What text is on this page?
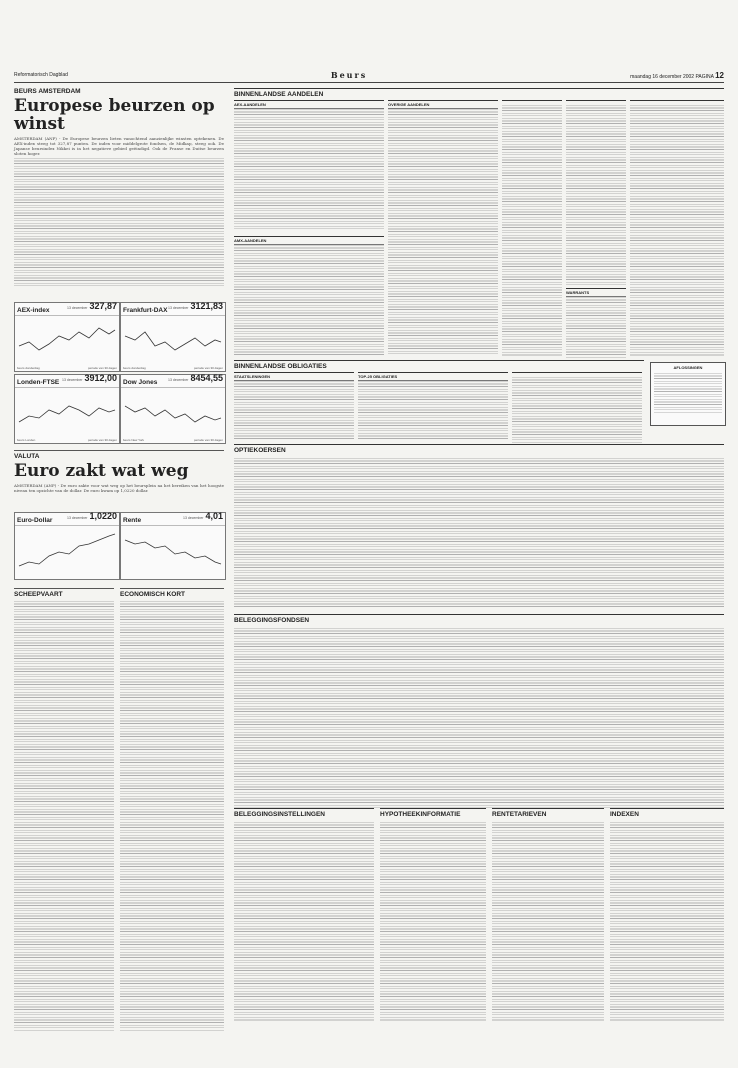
Reformatorisch Dagblad	Beurs	maandag 16 december 2002 PAGINA 12
BEURS AMSTERDAM
Europese beurzen op winst
AMSTERDAM (ANP) - De Europese beurzen lieten vanochtend aanzienlijke winsten optekenen. De AEX-index steeg tot 327,87 punten. De index voor middelgrote fondsen, de Midkap, steeg ook. De Japanse beursindex Nikkei is in het negatieve gebied geëindigd. Ook de Franse en Duitse beurzen sloten hoger.
AEX-index	13 december 327,87
beurs donderdag	periode van 30 dagen
Frankfurt-DAX 13 december 3121,83
beurs donderdag	periode van 30 dagen
Londen-FTSE 13 december 3912,00
beurs Londen	periode van 30 dagen
Dow Jones	13 december 8454,55
beurs New York	periode van 30 dagen
VALUTA
Euro zakt wat weg
AMSTERDAM (ANP) - De euro zakte voor wat weg op het beursplein na het bereiken van het hoogste niveau ten opzichte van de dollar. De euro kwam op 1,0220 dollar.
Euro-Dollar	13 december 1,0220 Rente	13 december 4,01
SCHEEPVAART	ECONOMISCH KORT
BINNENLANDSE AANDELEN
AEX-AANDELEN
AMX-AANDELEN
OVERIGE AANDELEN
WARRANTS
BINNENLANDSE OBLIGATIES
STAATSLENINGEN	TOP-25 OBLIGATIES
AFLOSSINGEN
OPTIEKOERSEN
BELEGGINGSFONDSEN
BELEGGINGSINSTELLINGEN	HYPOTHEEKINFORMATIE	RENTETARIEVEN	INDEXEN
